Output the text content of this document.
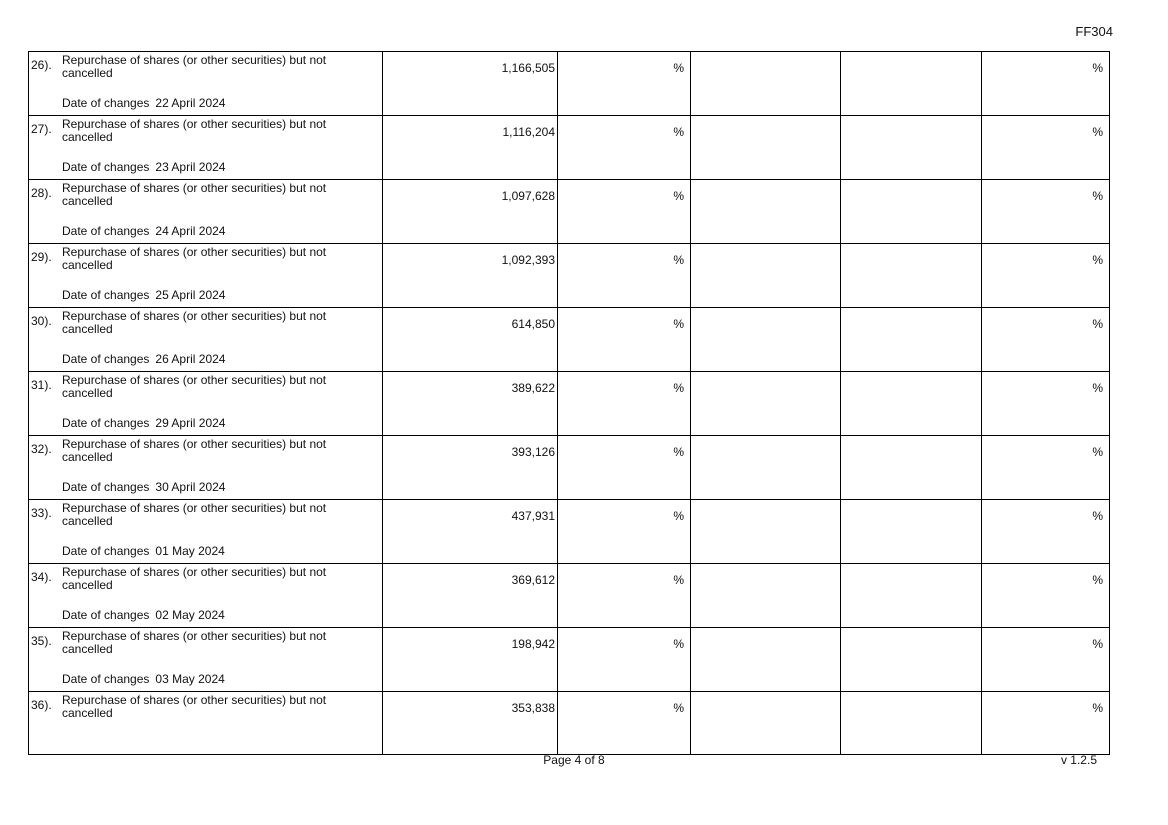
FF304
26). Repurchase of shares (or other securities) but not cancelled
Date of changes 22 April 2024	1,166,505	%			%

27). Repurchase of shares (or other securities) but not cancelled
Date of changes 23 April 2024	1,116,204	%			%

28). Repurchase of shares (or other securities) but not cancelled
Date of changes 24 April 2024	1,097,628	%			%

29). Repurchase of shares (or other securities) but not cancelled
Date of changes 25 April 2024	1,092,393	%			%

30). Repurchase of shares (or other securities) but not cancelled
Date of changes 26 April 2024	614,850	%			%

31). Repurchase of shares (or other securities) but not cancelled
Date of changes 29 April 2024	389,622	%			%

32). Repurchase of shares (or other securities) but not cancelled
Date of changes 30 April 2024	393,126	%			%

33). Repurchase of shares (or other securities) but not cancelled
Date of changes 01 May 2024	437,931	%			%

34). Repurchase of shares (or other securities) but not cancelled
Date of changes 02 May 2024	369,612	%			%

35). Repurchase of shares (or other securities) but not cancelled
Date of changes 03 May 2024	198,942	%			%

36). Repurchase of shares (or other securities) but not cancelled	353,838	%			%
Page 4 of 8	v 1.2.5
